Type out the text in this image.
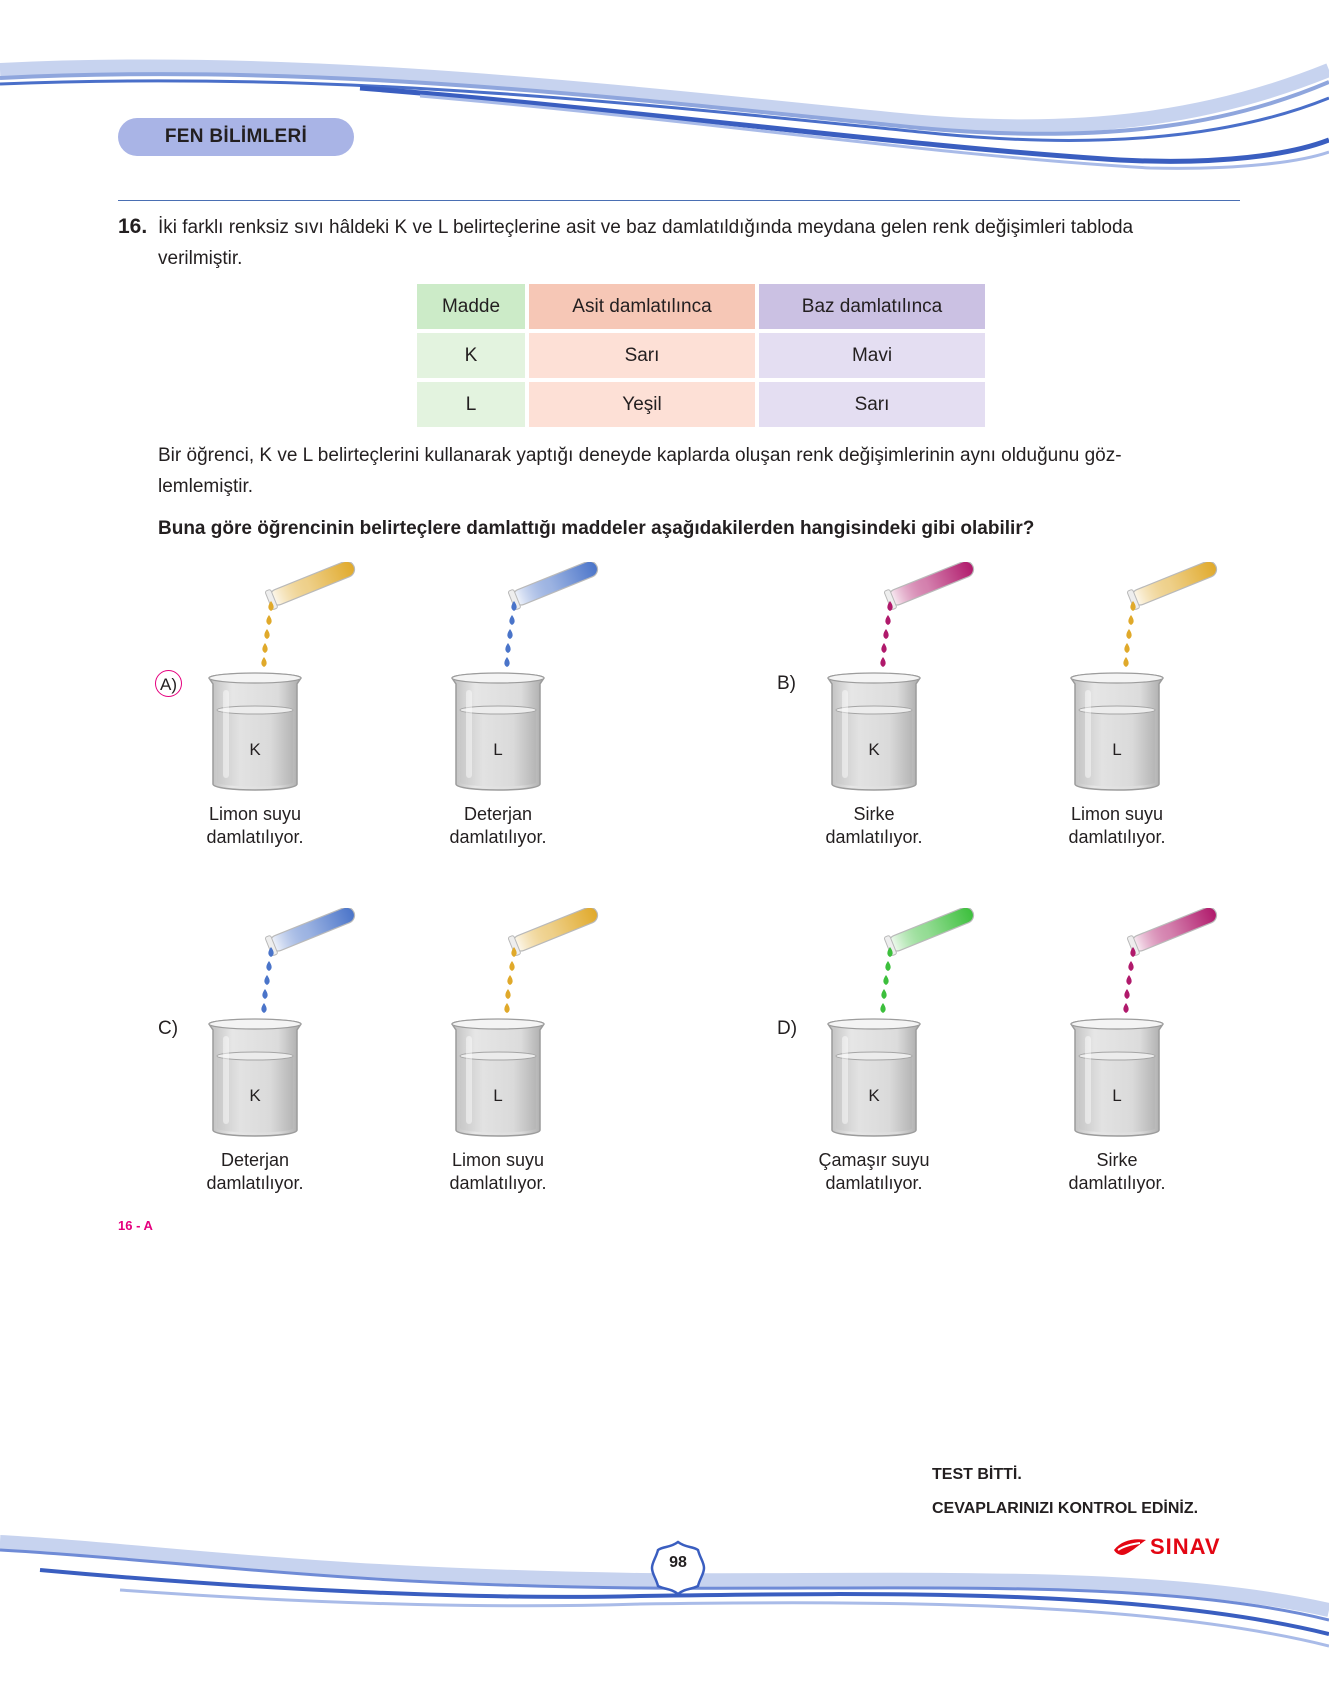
FEN BİLİMLERİ
16. İki farklı renksiz sıvı hâldeki K ve L belirteçlerine asit ve baz damlatıldığında meydana gelen renk değişimleri tabloda
verilmiştir.
Madde	Asit damlatılınca	Baz damlatılınca
K	Sarı	Mavi
L	Yeşil	Sarı
Bir öğrenci, K ve L belirteçlerini kullanarak yaptığı deneyde kaplarda oluşan renk değişimlerinin aynı olduğunu göz-
lemlemiştir.
Buna göre öğrencinin belirteçlere damlattığı maddeler aşağıdakilerden hangisindeki gibi olabilir?
A)
K
Limon suyu
damlatılıyor.
L
Deterjan
damlatılıyor.
B)
K
Sirke
damlatılıyor.
L
Limon suyu
damlatılıyor.
C)
K
Deterjan
damlatılıyor.
L
Limon suyu
damlatılıyor.
D)
K
Çamaşır suyu
damlatılıyor.
L
Sirke
damlatılıyor.
16 - A
TEST BİTTİ.
CEVAPLARINIZI KONTROL EDİNİZ.
SINAV
98
